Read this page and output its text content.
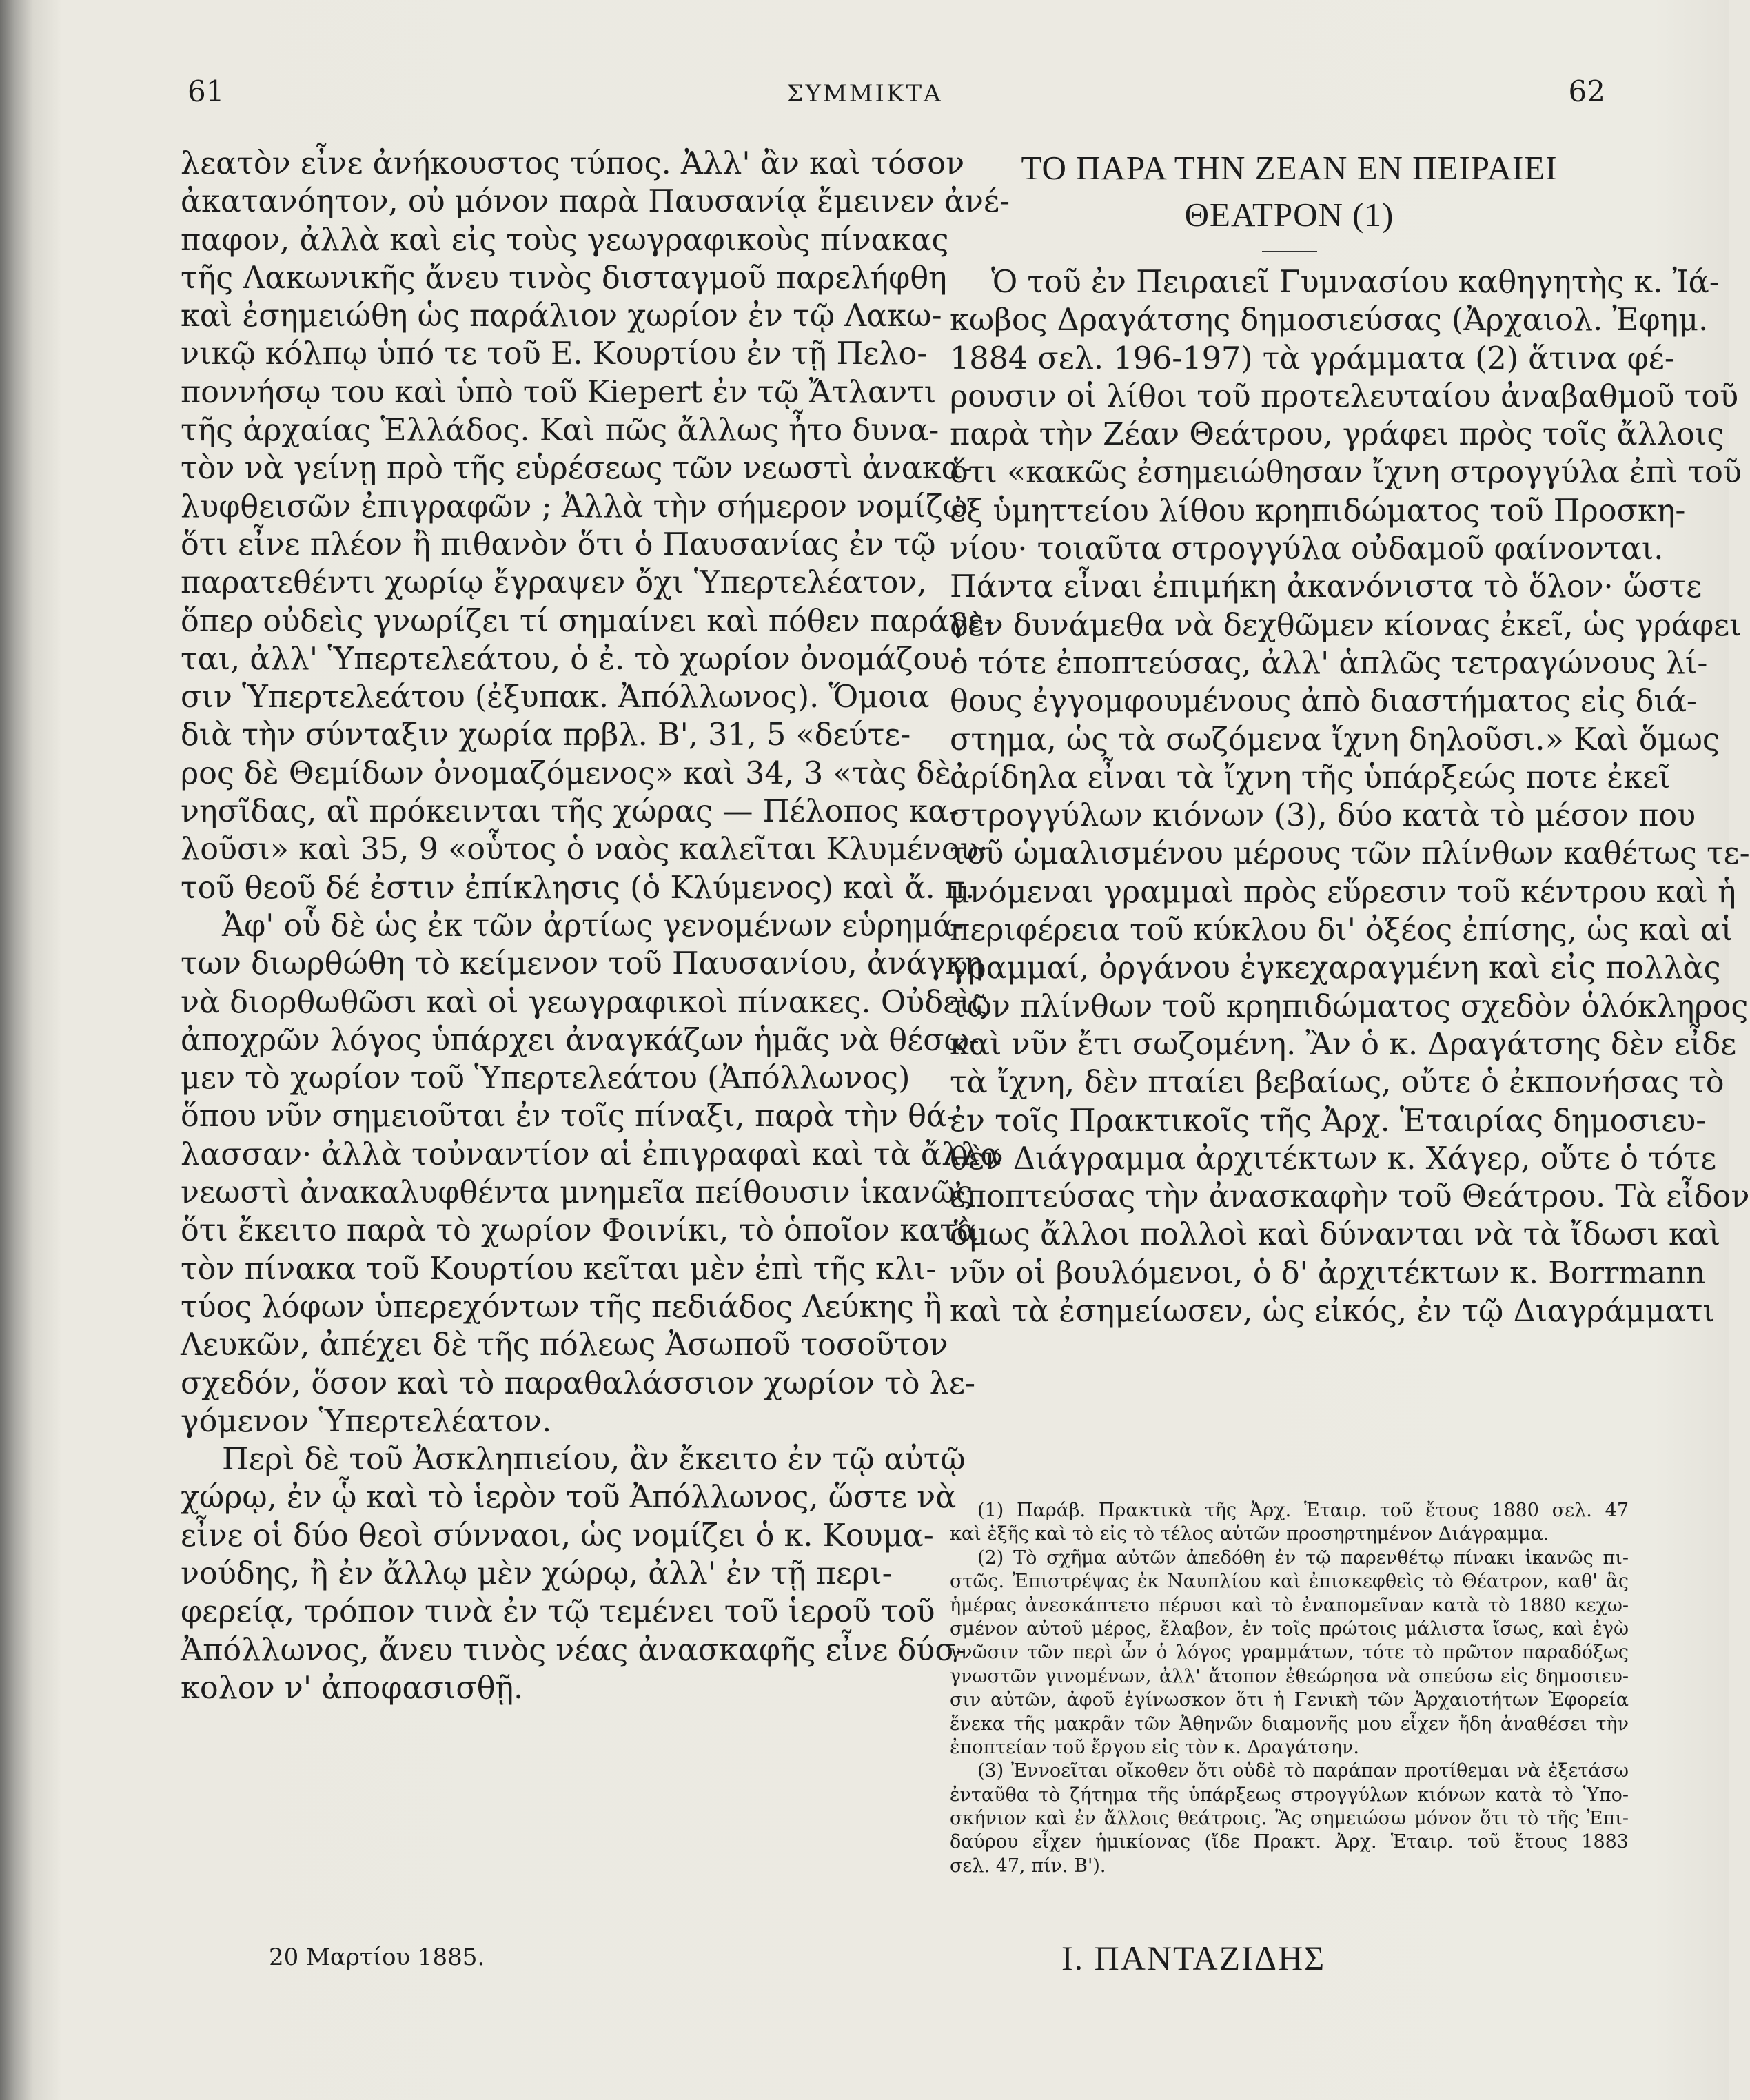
61	ΣΥΜΜΙΚΤΑ	62
λεατὸν εἶνε ἀνήκουστος τύπος. Ἀλλ' ἂν καὶ τόσον
ἀκατανόητον, οὐ μόνον παρὰ Παυσανίᾳ ἔμεινεν ἀνέ-
παφον, ἀλλὰ καὶ εἰς τοὺς γεωγραφικοὺς πίνακας
τῆς Λακωνικῆς ἄνευ τινὸς δισταγμοῦ παρελήφθη
καὶ ἐσημειώθη ὡς παράλιον χωρίον ἐν τῷ Λακω-
νικῷ κόλπῳ ὑπό τε τοῦ Ε. Κουρτίου ἐν τῇ Πελο-
ποννήσῳ του καὶ ὑπὸ τοῦ Kiepert ἐν τῷ Ἄτλαντι
τῆς ἀρχαίας Ἑλλάδος. Καὶ πῶς ἄλλως ἦτο δυνα-
τὸν νὰ γείνῃ πρὸ τῆς εὑρέσεως τῶν νεωστὶ ἀνακα-
λυφθεισῶν ἐπιγραφῶν ; Ἀλλὰ τὴν σήμερον νομίζω
ὅτι εἶνε πλέον ἢ πιθανὸν ὅτι ὁ Παυσανίας ἐν τῷ
παρατεθέντι χωρίῳ ἔγραψεν ὄχι Ὑπερτελέατον,
ὅπερ οὐδεὶς γνωρίζει τί σημαίνει καὶ πόθεν παράγε-
ται, ἀλλ' Ὑπερτελεάτου, ὁ ἐ. τὸ χωρίον ὀνομάζου-
σιν Ὑπερτελεάτου (ἐξυπακ. Ἀπόλλωνος). Ὅμοια
διὰ τὴν σύνταξιν χωρία πρβλ. Β', 31, 5 «δεύτε-
ρος δὲ Θεμίδων ὀνομαζόμενος» καὶ 34, 3 «τὰς δὲ
νησῖδας, αἳ πρόκεινται τῆς χώρας — Πέλοπος κα-
λοῦσι» καὶ 35, 9 «οὗτος ὁ ναὸς καλεῖται Κλυμένου·
τοῦ θεοῦ δέ ἐστιν ἐπίκλησις (ὁ Κλύμενος) καὶ ἄ. π.
Ἀφ' οὗ δὲ ὡς ἐκ τῶν ἀρτίως γενομένων εὑρημά-
των διωρθώθη τὸ κείμενον τοῦ Παυσανίου, ἀνάγκη
νὰ διορθωθῶσι καὶ οἱ γεωγραφικοὶ πίνακες. Οὐδεὶς
ἀποχρῶν λόγος ὑπάρχει ἀναγκάζων ἡμᾶς νὰ θέσω-
μεν τὸ χωρίον τοῦ Ὑπερτελεάτου (Ἀπόλλωνος)
ὅπου νῦν σημειοῦται ἐν τοῖς πίναξι, παρὰ τὴν θά-
λασσαν· ἀλλὰ τοὐναντίον αἱ ἐπιγραφαὶ καὶ τὰ ἄλλα
νεωστὶ ἀνακαλυφθέντα μνημεῖα πείθουσιν ἱκανῶς
ὅτι ἔκειτο παρὰ τὸ χωρίον Φοινίκι, τὸ ὁποῖον κατὰ
τὸν πίνακα τοῦ Κουρτίου κεῖται μὲν ἐπὶ τῆς κλι-
τύος λόφων ὑπερεχόντων τῆς πεδιάδος Λεύκης ἢ
Λευκῶν, ἀπέχει δὲ τῆς πόλεως Ἀσωποῦ τοσοῦτον
σχεδόν, ὅσον καὶ τὸ παραθαλάσσιον χωρίον τὸ λε-
γόμενον Ὑπερτελέατον.
Περὶ δὲ τοῦ Ἀσκληπιείου, ἂν ἔκειτο ἐν τῷ αὐτῷ
χώρῳ, ἐν ᾧ καὶ τὸ ἱερὸν τοῦ Ἀπόλλωνος, ὥστε νὰ
εἶνε οἱ δύο θεοὶ σύνναοι, ὡς νομίζει ὁ κ. Κουμα-
νούδης, ἢ ἐν ἄλλῳ μὲν χώρῳ, ἀλλ' ἐν τῇ περι-
φερείᾳ, τρόπον τινὰ ἐν τῷ τεμένει τοῦ ἱεροῦ τοῦ
Ἀπόλλωνος, ἄνευ τινὸς νέας ἀνασκαφῆς εἶνε δύσ-
κολον ν' ἀποφασισθῇ.
20 Μαρτίου 1885.	Ι. ΠΑΝΤΑΖΙΔΗΣ
ΤΟ ΠΑΡΑ ΤΗΝ ΖΕΑΝ ΕΝ ΠΕΙΡΑΙΕΙ
ΘΕΑΤΡΟΝ (1)
Ὁ τοῦ ἐν Πειραιεῖ Γυμνασίου καθηγητὴς κ. Ἰά-
κωβος Δραγάτσης δημοσιεύσας (Ἀρχαιολ. Ἐφημ.
1884 σελ. 196-197) τὰ γράμματα (2) ἅτινα φέ-
ρουσιν οἱ λίθοι τοῦ προτελευταίου ἀναβαθμοῦ τοῦ
παρὰ τὴν Ζέαν Θεάτρου, γράφει πρὸς τοῖς ἄλλοις
ὅτι «κακῶς ἐσημειώθησαν ἴχνη στρογγύλα ἐπὶ τοῦ
ἐξ ὑμηττείου λίθου κρηπιδώματος τοῦ Προσκη-
νίου· τοιαῦτα στρογγύλα οὐδαμοῦ φαίνονται.
Πάντα εἶναι ἐπιμήκη ἀκανόνιστα τὸ ὅλον· ὥστε
δὲν δυνάμεθα νὰ δεχθῶμεν κίονας ἐκεῖ, ὡς γράφει
ὁ τότε ἐποπτεύσας, ἀλλ' ἁπλῶς τετραγώνους λί-
θους ἐγγομφουμένους ἀπὸ διαστήματος εἰς διά-
στημα, ὡς τὰ σωζόμενα ἴχνη δηλοῦσι.» Καὶ ὅμως
ἀρίδηλα εἶναι τὰ ἴχνη τῆς ὑπάρξεώς ποτε ἐκεῖ
στρογγύλων κιόνων (3), δύο κατὰ τὸ μέσον που
τοῦ ὡμαλισμένου μέρους τῶν πλίνθων καθέτως τε-
μνόμεναι γραμμαὶ πρὸς εὕρεσιν τοῦ κέντρου καὶ ἡ
περιφέρεια τοῦ κύκλου δι' ὀξέος ἐπίσης, ὡς καὶ αἱ
γραμμαί, ὀργάνου ἐγκεχαραγμένη καὶ εἰς πολλὰς
τῶν πλίνθων τοῦ κρηπιδώματος σχεδὸν ὁλόκληρος
καὶ νῦν ἔτι σωζομένη. Ἂν ὁ κ. Δραγάτσης δὲν εἶδε
τὰ ἴχνη, δὲν πταίει βεβαίως, οὔτε ὁ ἐκπονήσας τὸ
ἐν τοῖς Πρακτικοῖς τῆς Ἀρχ. Ἑταιρίας δημοσιευ-
θὲν Διάγραμμα ἀρχιτέκτων κ. Χάγερ, οὔτε ὁ τότε
ἐποπτεύσας τὴν ἀνασκαφὴν τοῦ Θεάτρου. Τὰ εἶδον
ὅμως ἄλλοι πολλοὶ καὶ δύνανται νὰ τὰ ἴδωσι καὶ
νῦν οἱ βουλόμενοι, ὁ δ' ἀρχιτέκτων κ. Borrmann
καὶ τὰ ἐσημείωσεν, ὡς εἰκός, ἐν τῷ Διαγράμματι
(1) Παράβ. Πρακτικὰ τῆς Ἀρχ. Ἑταιρ. τοῦ ἔτους 1880 σελ. 47
καὶ ἑξῆς καὶ τὸ εἰς τὸ τέλος αὐτῶν προσηρτημένον Διάγραμμα.
(2) Τὸ σχῆμα αὐτῶν ἀπεδόθη ἐν τῷ παρενθέτῳ πίνακι ἱκανῶς πι-
στῶς. Ἐπιστρέψας ἐκ Ναυπλίου καὶ ἐπισκεφθεὶς τὸ Θέατρον, καθ' ἃς
ἡμέρας ἀνεσκάπτετο πέρυσι καὶ τὸ ἐναπομεῖναν κατὰ τὸ 1880 κεχω-
σμένον αὐτοῦ μέρος, ἔλαβον, ἐν τοῖς πρώτοις μάλιστα ἴσως, καὶ ἐγὼ
γνῶσιν τῶν περὶ ὧν ὁ λόγος γραμμάτων, τότε τὸ πρῶτον παραδόξως
γνωστῶν γινομένων, ἀλλ' ἄτοπον ἐθεώρησα νὰ σπεύσω εἰς δημοσιευ-
σιν αὐτῶν, ἀφοῦ ἐγίνωσκον ὅτι ἡ Γενικὴ τῶν Ἀρχαιοτήτων Ἐφορεία
ἕνεκα τῆς μακρᾶν τῶν Ἀθηνῶν διαμονῆς μου εἶχεν ἤδη ἀναθέσει τὴν
ἐποπτείαν τοῦ ἔργου εἰς τὸν κ. Δραγάτσην.
(3) Ἐννοεῖται οἴκοθεν ὅτι οὐδὲ τὸ παράπαν προτίθεμαι νὰ ἐξετάσω
ἐνταῦθα τὸ ζήτημα τῆς ὑπάρξεως στρογγύλων κιόνων κατὰ τὸ Ὑπο-
σκήνιον καὶ ἐν ἄλλοις θεάτροις. Ἂς σημειώσω μόνον ὅτι τὸ τῆς Ἐπι-
δαύρου εἶχεν ἡμικίονας (ἴδε Πρακτ. Ἀρχ. Ἑταιρ. τοῦ ἔτους 1883
σελ. 47, πίν. Β').
